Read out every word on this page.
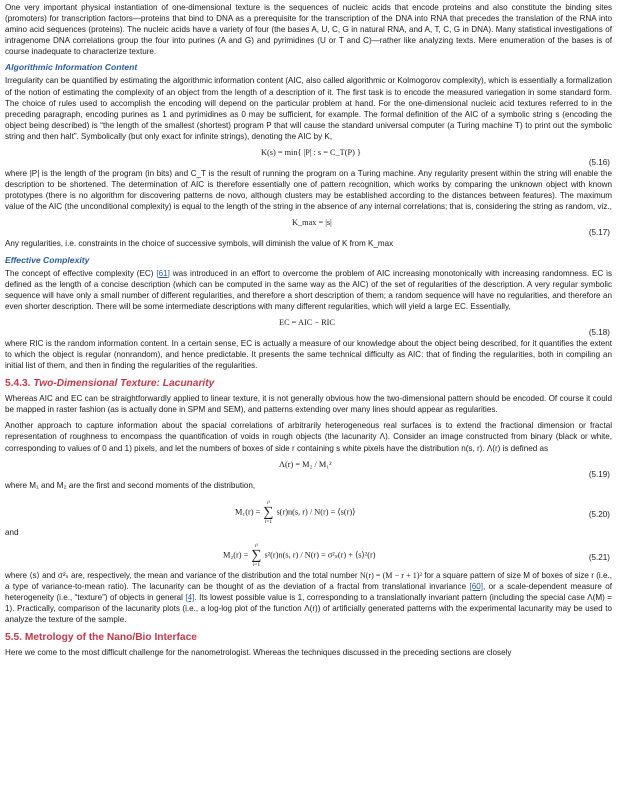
One very important physical instantiation of one-dimensional texture is the sequences of nucleic acids that encode proteins and also constitute the binding sites (promoters) for transcription factors—proteins that bind to DNA as a prerequisite for the transcription of the DNA into RNA that precedes the translation of the RNA into amino acid sequences (proteins). The nucleic acids have a variety of four (the bases A, U, C, G in natural RNA, and A, T, C, G in DNA). Many statistical investigations of intragenome DNA correlations group the four into purines (A and G) and pyrimidines (U or T and C)—rather like analyzing texts. Mere enumeration of the bases is of course inadequate to characterize texture.

Algorithmic Information Content

Irregularity can be quantified by estimating the algorithmic information content (AIC, also called algorithmic or Kolmogorov complexity), which is essentially a formalization of the notion of estimating the complexity of an object from the length of a description of it. The first task is to encode the measured variegation in some standard form. The choice of rules used to accomplish the encoding will depend on the particular problem at hand. For the one-dimensional nucleic acid textures referred to in the preceding paragraph, encoding purines as 1 and pyrimidines as 0 may be sufficient, for example. The formal definition of the AIC of a symbolic string s (encoding the object being described) is “the length of the smallest (shortest) program P that will cause the standard universal computer (a Turing machine T) to print out the symbolic string and then halt”. Symbolically (but only exact for infinite strings), denoting the AIC by K,

K(s) = min{ |P| : s = C_T(P) }
(5.16)

where |P| is the length of the program (in bits) and C_T is the result of running the program on a Turing machine. Any regularity present within the string will enable the description to be shortened. The determination of AIC is therefore essentially one of pattern recognition, which works by comparing the unknown object with known prototypes (there is no algorithm for discovering patterns de novo, although clusters may be established according to the distances between features). The maximum value of the AIC (the unconditional complexity) is equal to the length of the string in the absence of any internal correlations; that is, considering the string as random, viz.,

K_max = |s|
(5.17)

Any regularities, i.e. constraints in the choice of successive symbols, will diminish the value of K from K_max

Effective Complexity

The concept of effective complexity (EC) [61] was introduced in an effort to overcome the problem of AIC increasing monotonically with increasing randomness. EC is defined as the length of a concise description (which can be computed in the same way as the AIC) of the set of regularities of the description. A very regular symbolic sequence will have only a small number of different regularities, and therefore a short description of them; a random sequence will have no regularities, and therefore an even shorter description. There will be some intermediate descriptions with many different regularities, which will yield a large EC. Essentially,

EC = AIC − RIC
(5.18)

where RIC is the random information content. In a certain sense, EC is actually a measure of our knowledge about the object being described, for it quantifies the extent to which the object is regular (nonrandom), and hence predictable. It presents the same technical difficulty as AIC: that of finding the regularities, both in compiling an initial list of them, and then in finding the regularities of the regularities.

5.4.3. Two-Dimensional Texture: Lacunarity

Whereas AIC and EC can be straightforwardly applied to linear texture, it is not generally obvious how the two-dimensional pattern should be encoded. Of course it could be mapped in raster fashion (as is actually done in SPM and SEM), and patterns extending over many lines should appear as regularities.

Another approach to capture information about the spacial correlations of arbitrarily heterogeneous real surfaces is to extend the fractional dimension or fractal representation of roughness to encompass the quantification of voids in rough objects (the lacunarity Λ). Consider an image constructed from binary (black or white, corresponding to values of 0 and 1) pixels, and let the numbers of boxes of side r containing s white pixels have the distribution n(s, r). Λ(r) is defined as

Λ(r) = M₂ / M₁²
(5.19)

where M₁ and M₂ are the first and second moments of the distribution,

M₁(r) =
r²
∑
i=1
s(r)n(s, r) / N(r) = ⟨s(r)⟩	(5.20)

and

M₂(r) =
r²
∑
i=1
s²(r)n(s, r) / N(r) = σ²ₛ(r) + ⟨s⟩²(r)	(5.21)

where ⟨s⟩ and σ²ₛ are, respectively, the mean and variance of the distribution and the total number N(r) = (M − r + 1)² for a square pattern of size M of boxes of size r (i.e., a type of variance-to-mean ratio). The lacunarity can be thought of as the deviation of a fractal from translational invariance [60], or a scale-dependent measure of heterogeneity (i.e., “texture”) of objects in general [4]. Its lowest possible value is 1, corresponding to a translationally invariant pattern (including the special case Λ(M) = 1). Practically, comparison of the lacunarity plots (i.e., a log-log plot of the function Λ(r)) of artificially generated patterns with the experimental lacunarity may be used to analyze the texture of the sample.

5.5. Metrology of the Nano/Bio Interface

Here we come to the most difficult challenge for the nanometrologist. Whereas the techniques discussed in the preceding sections are closely
